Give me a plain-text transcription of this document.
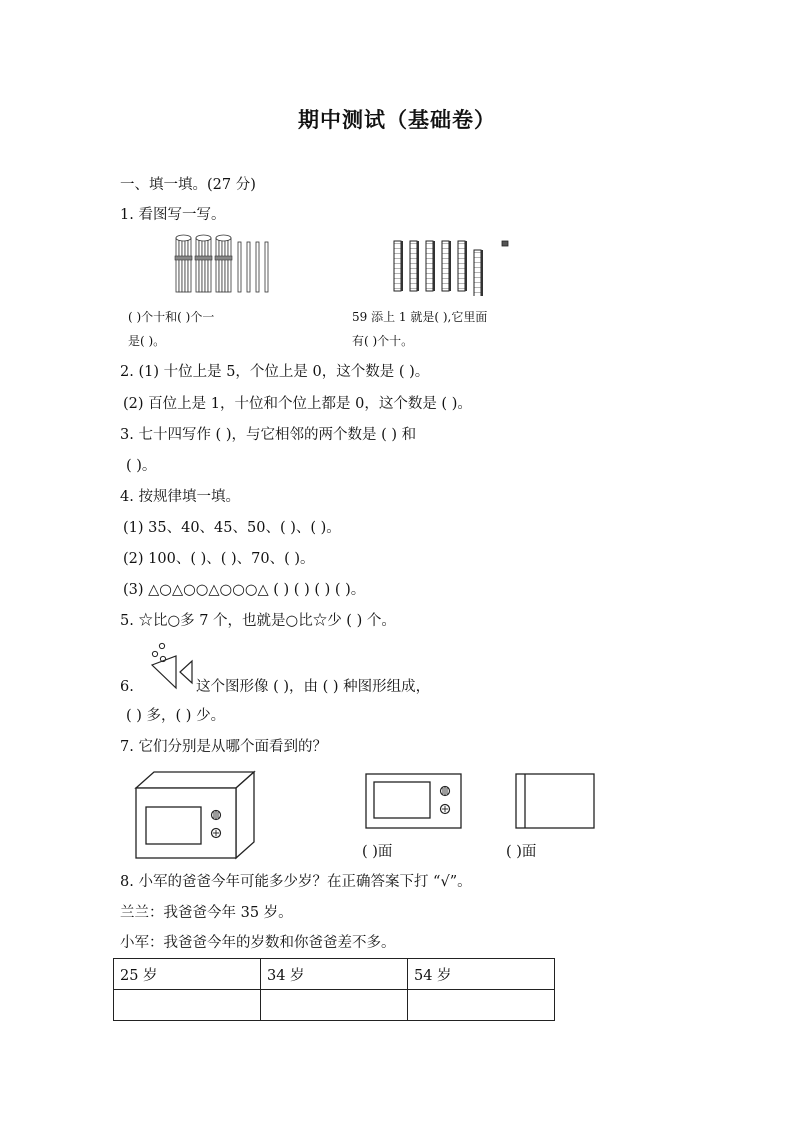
期中测试（基础卷）
一、填一填。(27 分)
1. 看图写一写。
( )个十和( )个一
是( )。
59 添上 1 就是( ),它里面
有( )个十。
2. (1) 十位上是 5，个位上是 0，这个数是 ( )。
(2) 百位上是 1，十位和个位上都是 0，这个数是 ( )。
3. 七十四写作 ( )，与它相邻的两个数是 ( ) 和
( )。
4. 按规律填一填。
(1) 35、40、45、50、( )、( )。
(2) 100、( )、( )、70、( )。
(3) △○△○○△○○○△ ( ) ( ) ( ) ( )。
5. ☆比○多 7 个，也就是○比☆少 ( ) 个。
6.	这个图形像 ( )，由 ( ) 种图形组成，
( ) 多，( ) 少。
7. 它们分别是从哪个面看到的？
( )面	( )面
8. 小军的爸爸今年可能多少岁？在正确答案下打 “√”。
兰兰：我爸爸今年 35 岁。
小军：我爸爸今年的岁数和你爸爸差不多。
25 岁	34 岁	54 岁
